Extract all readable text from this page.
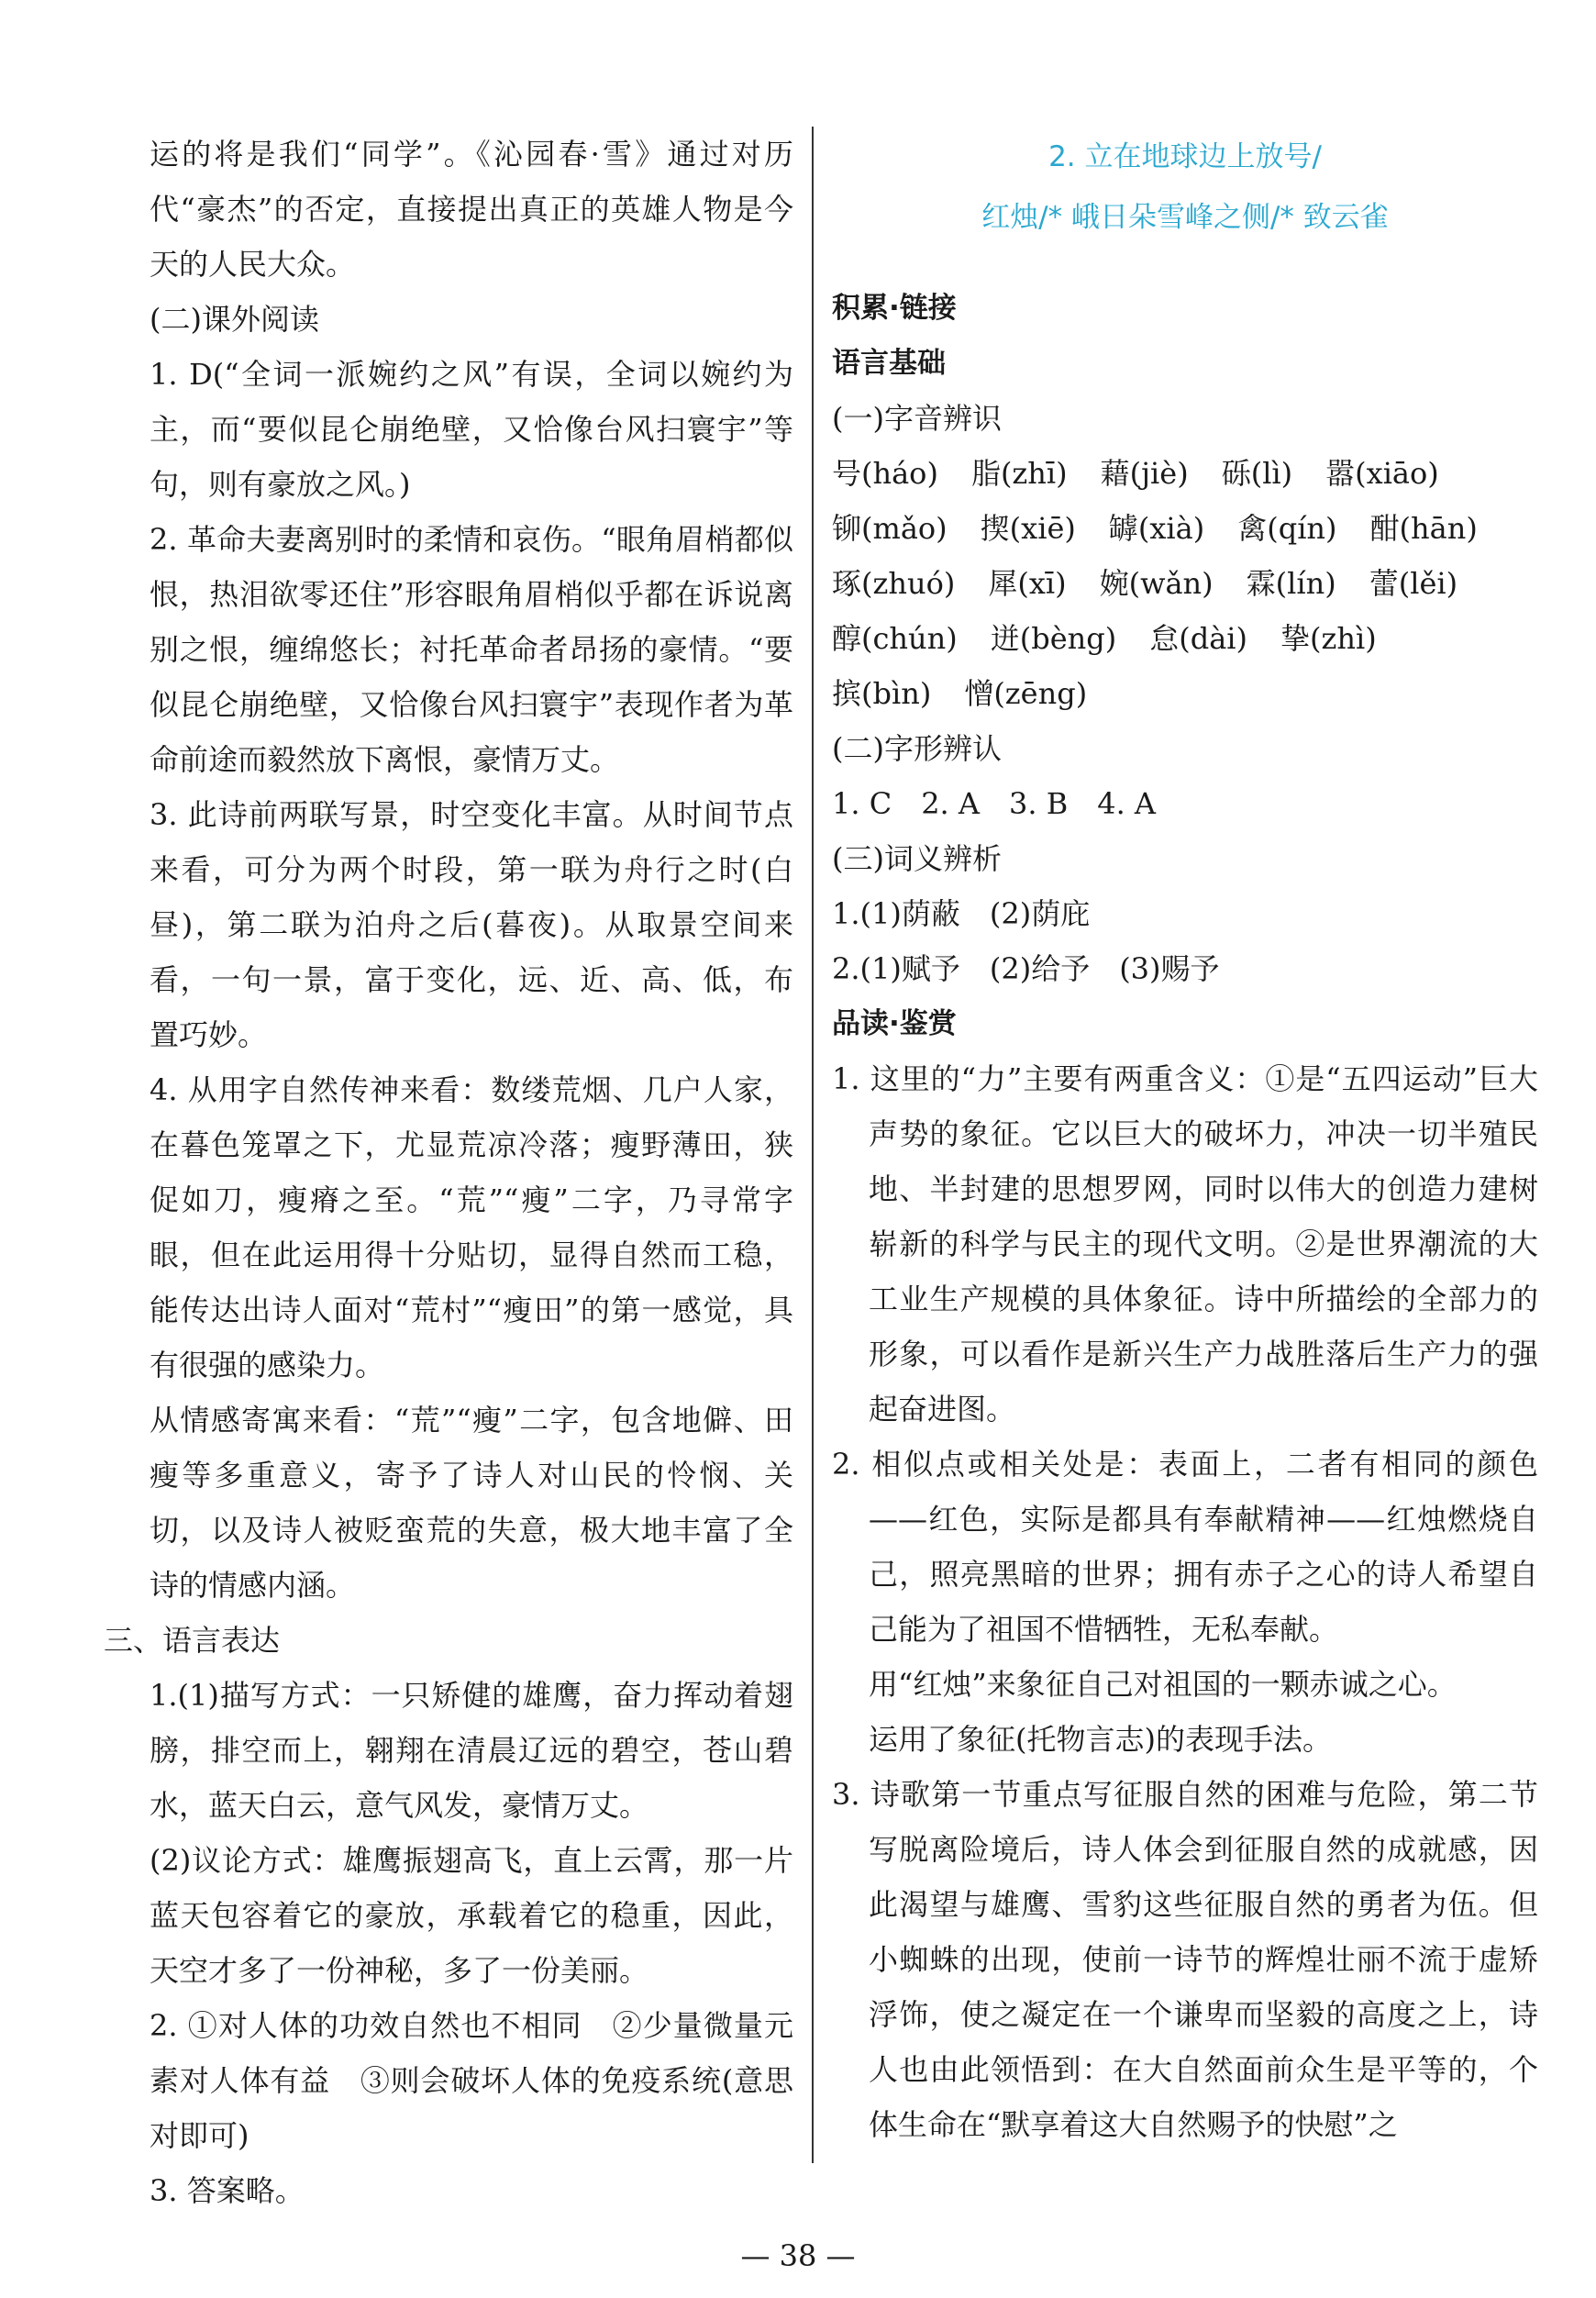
运的将是我们“同学”。《沁园春·雪》通过对历代“豪杰”的否定，直接提出真正的英雄人物是今天的人民大众。

(二)课外阅读

1. D(“全词一派婉约之风”有误，全词以婉约为主，而“要似昆仑崩绝壁，又恰像台风扫寰宇”等句，则有豪放之风。)

2. 革命夫妻离别时的柔情和哀伤。“眼角眉梢都似恨，热泪欲零还住”形容眼角眉梢似乎都在诉说离别之恨，缠绵悠长；衬托革命者昂扬的豪情。“要似昆仑崩绝壁，又恰像台风扫寰宇”表现作者为革命前途而毅然放下离恨，豪情万丈。

3. 此诗前两联写景，时空变化丰富。从时间节点来看，可分为两个时段，第一联为舟行之时(白昼)，第二联为泊舟之后(暮夜)。从取景空间来看，一句一景，富于变化，远、近、高、低，布置巧妙。

4. 从用字自然传神来看：数缕荒烟、几户人家，在暮色笼罩之下，尤显荒凉冷落；瘦野薄田，狭促如刀，瘦瘠之至。“荒”“瘦”二字，乃寻常字眼，但在此运用得十分贴切，显得自然而工稳，能传达出诗人面对“荒村”“瘦田”的第一感觉，具有很强的感染力。

从情感寄寓来看：“荒”“瘦”二字，包含地僻、田瘦等多重意义，寄予了诗人对山民的怜悯、关切，以及诗人被贬蛮荒的失意，极大地丰富了全诗的情感内涵。

三、语言表达

1.(1)描写方式：一只矫健的雄鹰，奋力挥动着翅膀，排空而上，翱翔在清晨辽远的碧空，苍山碧水，蓝天白云，意气风发，豪情万丈。

(2)议论方式：雄鹰振翅高飞，直上云霄，那一片蓝天包容着它的豪放，承载着它的稳重，因此，天空才多了一份神秘，多了一份美丽。

2. ①对人体的功效自然也不相同　②少量微量元素对人体有益　③则会破坏人体的免疫系统(意思对即可)

3. 答案略。

2. 立在地球边上放号/
红烛/* 峨日朵雪峰之侧/* 致云雀

积累·链接

语言基础

(一)字音辨识

号(háo) 脂(zhī) 藉(jiè) 砾(lì) 嚣(xiāo)

铆(mǎo) 揳(xiē) 罅(xià) 禽(qín) 酣(hān)

琢(zhuó) 犀(xī) 婉(wǎn) 霖(lín) 蕾(lěi)

醇(chún) 迸(bèng) 怠(dài) 挚(zhì)

摈(bìn) 憎(zēng)

(二)字形辨认

1. C　2. A　3. B　4. A

(三)词义辨析

1.(1)荫蔽　(2)荫庇

2.(1)赋予　(2)给予　(3)赐予

品读·鉴赏

1. 这里的“力”主要有两重含义：①是“五四运动”巨大声势的象征。它以巨大的破坏力，冲决一切半殖民地、半封建的思想罗网，同时以伟大的创造力建树崭新的科学与民主的现代文明。②是世界潮流的大工业生产规模的具体象征。诗中所描绘的全部力的形象，可以看作是新兴生产力战胜落后生产力的强起奋进图。

2. 相似点或相关处是：表面上，二者有相同的颜色——红色，实际是都具有奉献精神——红烛燃烧自己，照亮黑暗的世界；拥有赤子之心的诗人希望自己能为了祖国不惜牺牲，无私奉献。

用“红烛”来象征自己对祖国的一颗赤诚之心。

运用了象征(托物言志)的表现手法。

3. 诗歌第一节重点写征服自然的困难与危险，第二节写脱离险境后，诗人体会到征服自然的成就感，因此渴望与雄鹰、雪豹这些征服自然的勇者为伍。但小蜘蛛的出现，使前一诗节的辉煌壮丽不流于虚矫浮饰，使之凝定在一个谦卑而坚毅的高度之上，诗人也由此领悟到：在大自然面前众生是平等的，个体生命在“默享着这大自然赐予的快慰”之

— 38 —
